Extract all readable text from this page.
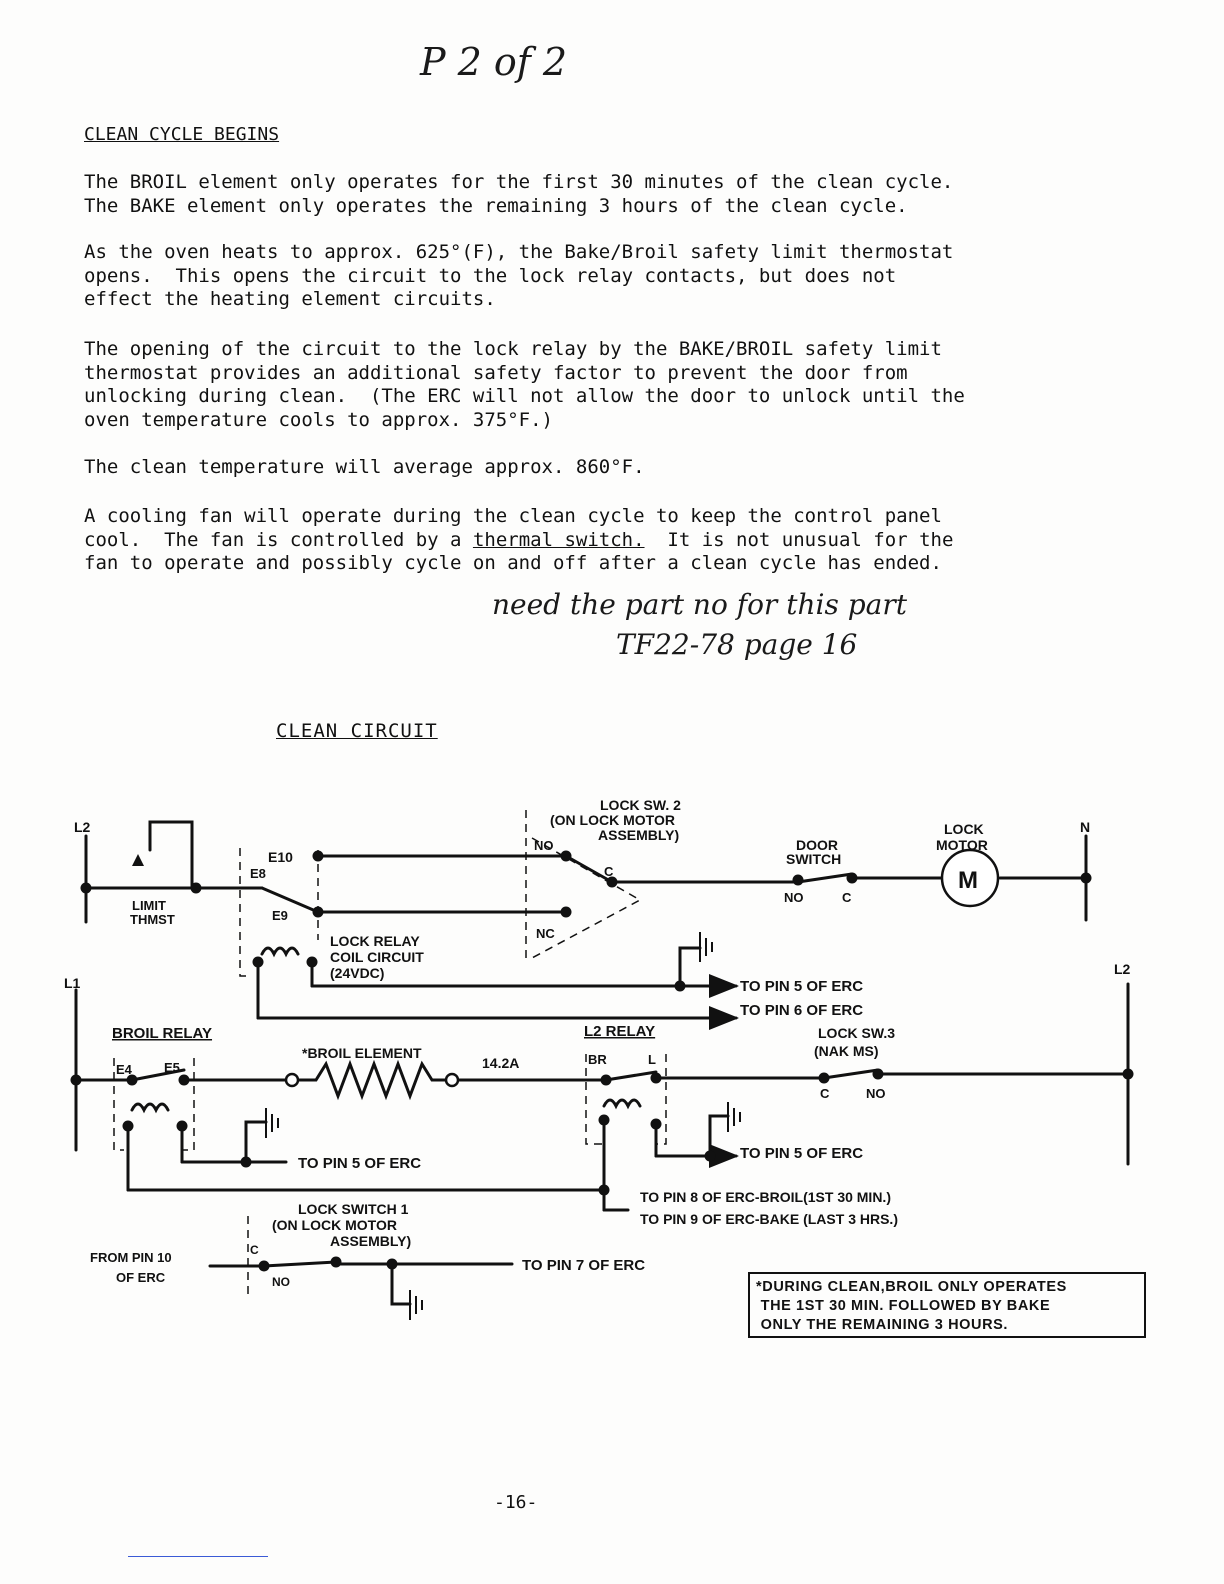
P 2 of 2
CLEAN CYCLE BEGINS

The BROIL element only operates for the first 30 minutes of the clean cycle.
The BAKE element only operates the remaining 3 hours of the clean cycle.

As the oven heats to approx. 625°(F), the Bake/Broil safety limit thermostat
opens.  This opens the circuit to the lock relay contacts, but does not
effect the heating element circuits.

The opening of the circuit to the lock relay by the BAKE/BROIL safety limit
thermostat provides an additional safety factor to prevent the door from
unlocking during clean.  (The ERC will not allow the door to unlock until the
oven temperature cools to approx. 375°F.)

The clean temperature will average approx. 860°F.

A cooling fan will operate during the clean cycle to keep the control panel
cool.  The fan is controlled by a thermal switch.  It is not unusual for the
fan to operate and possibly cycle on and off after a clean cycle has ended.

need the part no for this part
TF22-78 page 16
CLEAN CIRCUIT
L2
L1
N
L2
LIMIT
THMST
E10
E8
E9
LOCK RELAY
COIL CIRCUIT
(24VDC)
LOCK SW. 2
(ON LOCK MOTOR
ASSEMBLY)
NO
C
NC
DOOR
SWITCH
NO	C
LOCK
MOTOR
M
TO PIN 5 OF ERC
TO PIN 6 OF ERC
BROIL RELAY
E4 E5
*BROIL ELEMENT
14.2A
L2 RELAY
BR	L
LOCK SW.3
(NAK MS)
C	NO
TO PIN 5 OF ERC
TO PIN 5 OF ERC
TO PIN 8 OF ERC-BROIL(1ST 30 MIN.)
TO PIN 9 OF ERC-BAKE (LAST 3 HRS.)
LOCK SWITCH 1
(ON LOCK MOTOR
ASSEMBLY)
C
NO
FROM PIN 10
OF ERC
TO PIN 7 OF ERC
*DURING CLEAN,BROIL ONLY OPERATES
THE 1ST 30 MIN. FOLLOWED BY BAKE
ONLY THE REMAINING 3 HOURS.
-16-
